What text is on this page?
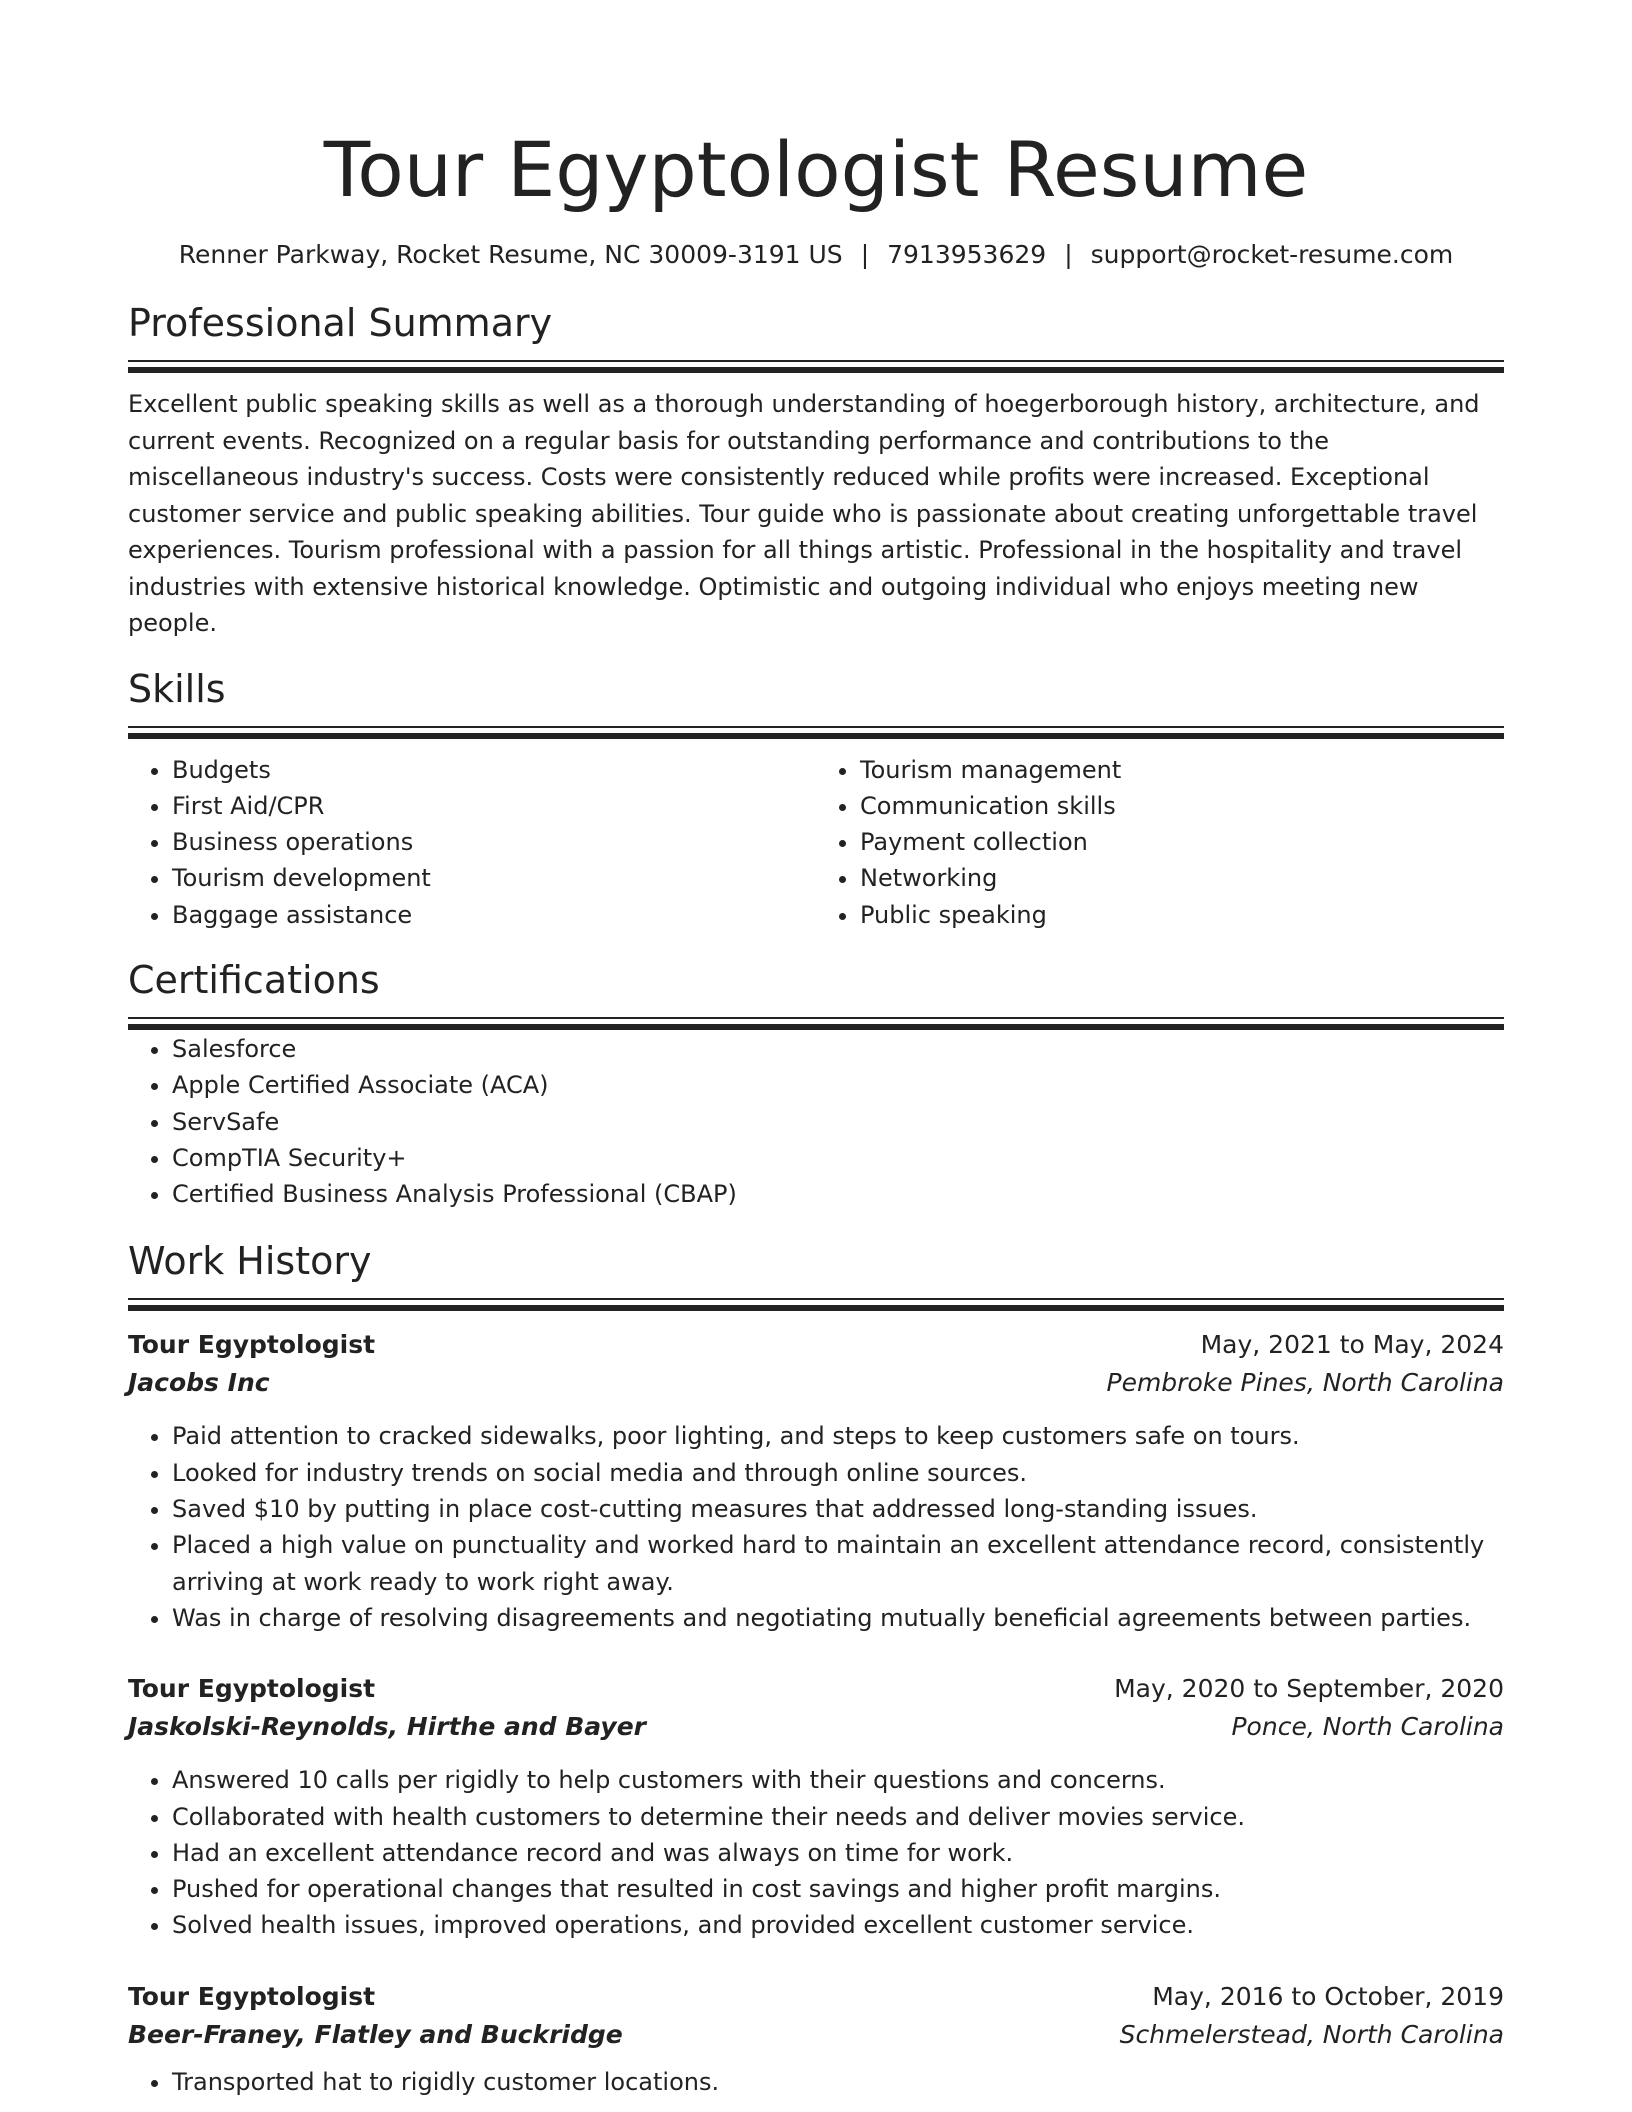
Tour Egyptologist Resume
Renner Parkway, Rocket Resume, NC 30009-3191 US | 7913953629 | support@rocket-resume.com
Professional Summary
Excellent public speaking skills as well as a thorough understanding of hoegerborough history, architecture, and current events. Recognized on a regular basis for outstanding performance and contributions to the miscellaneous industry's success. Costs were consistently reduced while profits were increased. Exceptional customer service and public speaking abilities. Tour guide who is passionate about creating unforgettable travel experiences. Tourism professional with a passion for all things artistic. Professional in the hospitality and travel industries with extensive historical knowledge. Optimistic and outgoing individual who enjoys meeting new people.
Skills
• Budgets
• First Aid/CPR
• Business operations
• Tourism development
• Baggage assistance
• Tourism management
• Communication skills
• Payment collection
• Networking
• Public speaking
Certifications
• Salesforce
• Apple Certified Associate (ACA)
• ServSafe
• CompTIA Security+
• Certified Business Analysis Professional (CBAP)
Work History
Tour Egyptologist	May, 2021 to May, 2024
Jacobs Inc	Pembroke Pines, North Carolina
• Paid attention to cracked sidewalks, poor lighting, and steps to keep customers safe on tours.
• Looked for industry trends on social media and through online sources.
• Saved $10 by putting in place cost-cutting measures that addressed long-standing issues.
• Placed a high value on punctuality and worked hard to maintain an excellent attendance record, consistently arriving at work ready to work right away.
• Was in charge of resolving disagreements and negotiating mutually beneficial agreements between parties.
Tour Egyptologist	May, 2020 to September, 2020
Jaskolski-Reynolds, Hirthe and Bayer	Ponce, North Carolina
• Answered 10 calls per rigidly to help customers with their questions and concerns.
• Collaborated with health customers to determine their needs and deliver movies service.
• Had an excellent attendance record and was always on time for work.
• Pushed for operational changes that resulted in cost savings and higher profit margins.
• Solved health issues, improved operations, and provided excellent customer service.
Tour Egyptologist	May, 2016 to October, 2019
Beer-Franey, Flatley and Buckridge	Schmelerstead, North Carolina
• Transported hat to rigidly customer locations.
